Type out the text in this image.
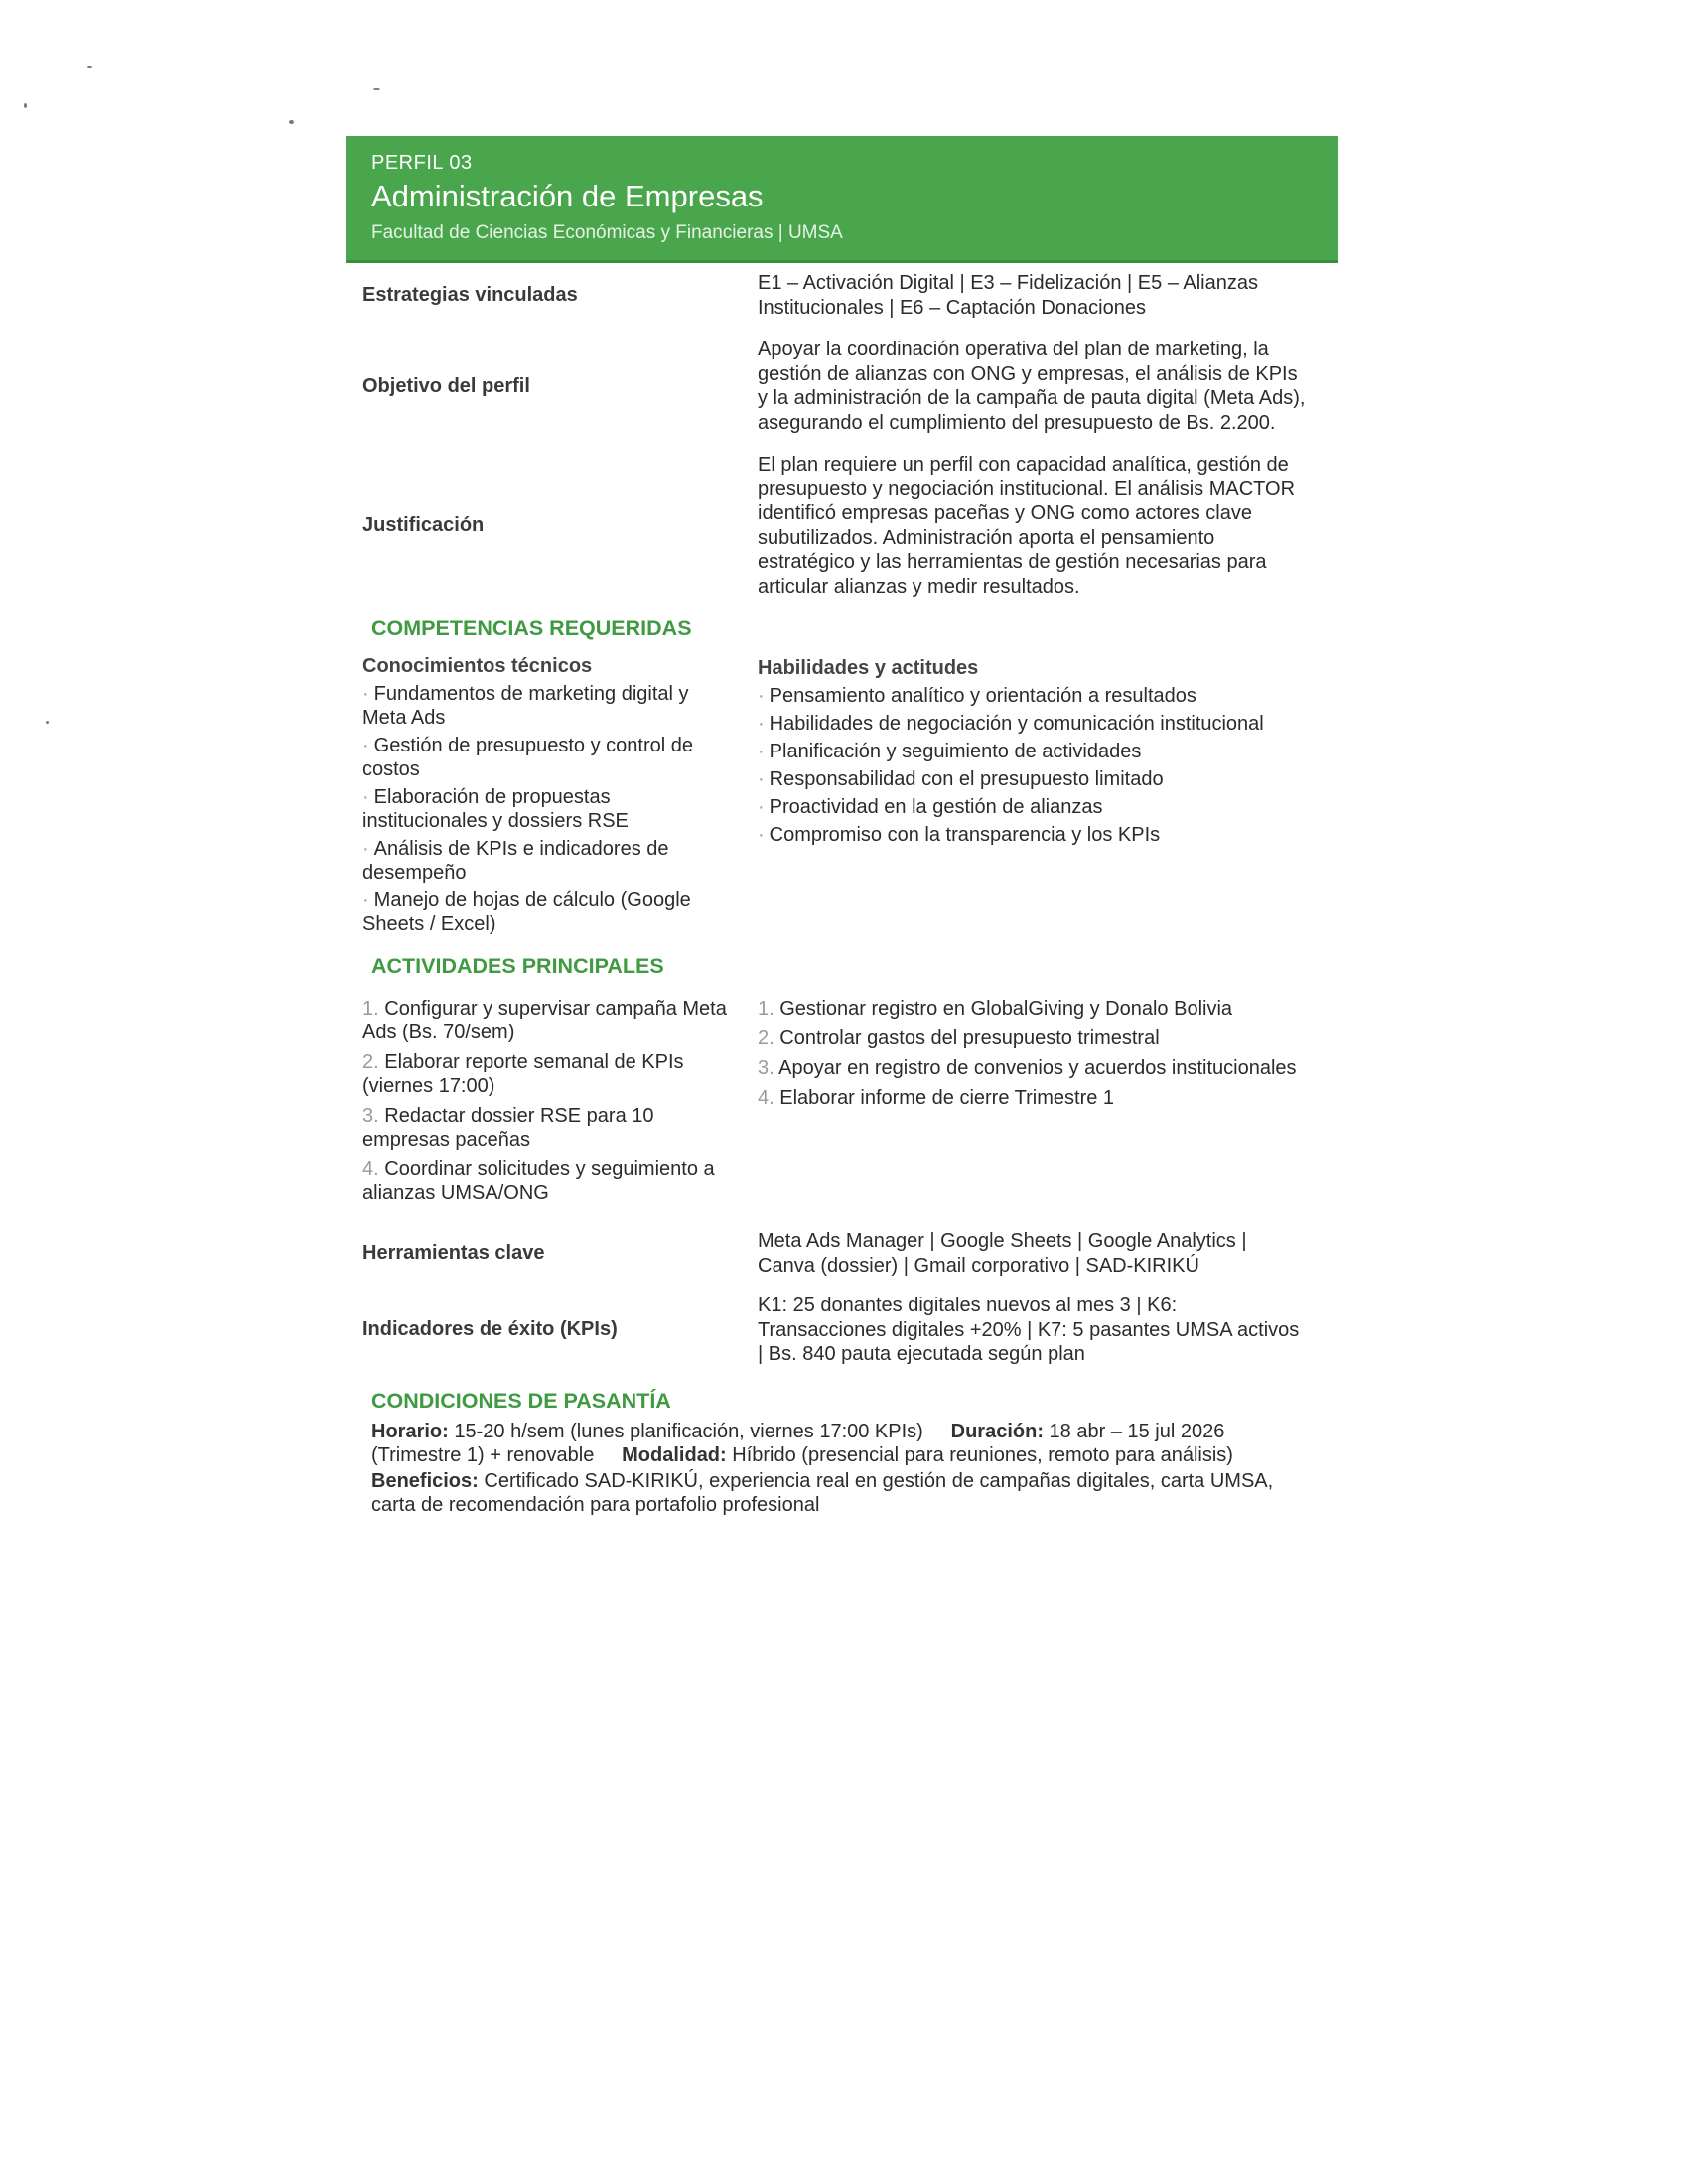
PERFIL 03
Administración de Empresas
Facultad de Ciencias Económicas y Financieras | UMSA
Estrategias vinculadas
E1 – Activación Digital | E3 – Fidelización | E5 – Alianzas Institucionales | E6 – Captación Donaciones
Objetivo del perfil
Apoyar la coordinación operativa del plan de marketing, la gestión de alianzas con ONG y empresas, el análisis de KPIs y la administración de la campaña de pauta digital (Meta Ads), asegurando el cumplimiento del presupuesto de Bs. 2.200.
Justificación
El plan requiere un perfil con capacidad analítica, gestión de presupuesto y negociación institucional. El análisis MACTOR identificó empresas paceñas y ONG como actores clave subutilizados. Administración aporta el pensamiento estratégico y las herramientas de gestión necesarias para articular alianzas y medir resultados.
COMPETENCIAS REQUERIDAS
Conocimientos técnicos
· Fundamentos de marketing digital y Meta Ads
· Gestión de presupuesto y control de costos
· Elaboración de propuestas institucionales y dossiers RSE
· Análisis de KPIs e indicadores de desempeño
· Manejo de hojas de cálculo (Google Sheets / Excel)
Habilidades y actitudes
· Pensamiento analítico y orientación a resultados
· Habilidades de negociación y comunicación institucional
· Planificación y seguimiento de actividades
· Responsabilidad con el presupuesto limitado
· Proactividad en la gestión de alianzas
· Compromiso con la transparencia y los KPIs
ACTIVIDADES PRINCIPALES
1. Configurar y supervisar campaña Meta Ads (Bs. 70/sem)
2. Elaborar reporte semanal de KPIs (viernes 17:00)
3. Redactar dossier RSE para 10 empresas paceñas
4. Coordinar solicitudes y seguimiento a alianzas UMSA/ONG
1. Gestionar registro en GlobalGiving y Donalo Bolivia
2. Controlar gastos del presupuesto trimestral
3. Apoyar en registro de convenios y acuerdos institucionales
4. Elaborar informe de cierre Trimestre 1
Herramientas clave
Meta Ads Manager | Google Sheets | Google Analytics | Canva (dossier) | Gmail corporativo | SAD-KIRIKÚ
Indicadores de éxito (KPIs)
K1: 25 donantes digitales nuevos al mes 3 | K6: Transacciones digitales +20% | K7: 5 pasantes UMSA activos | Bs. 840 pauta ejecutada según plan
CONDICIONES DE PASANTÍA
Horario: 15-20 h/sem (lunes planificación, viernes 17:00 KPIs) Duración: 18 abr – 15 jul 2026 (Trimestre 1) + renovable Modalidad: Híbrido (presencial para reuniones, remoto para análisis)
Beneficios: Certificado SAD-KIRIKÚ, experiencia real en gestión de campañas digitales, carta UMSA, carta de recomendación para portafolio profesional
